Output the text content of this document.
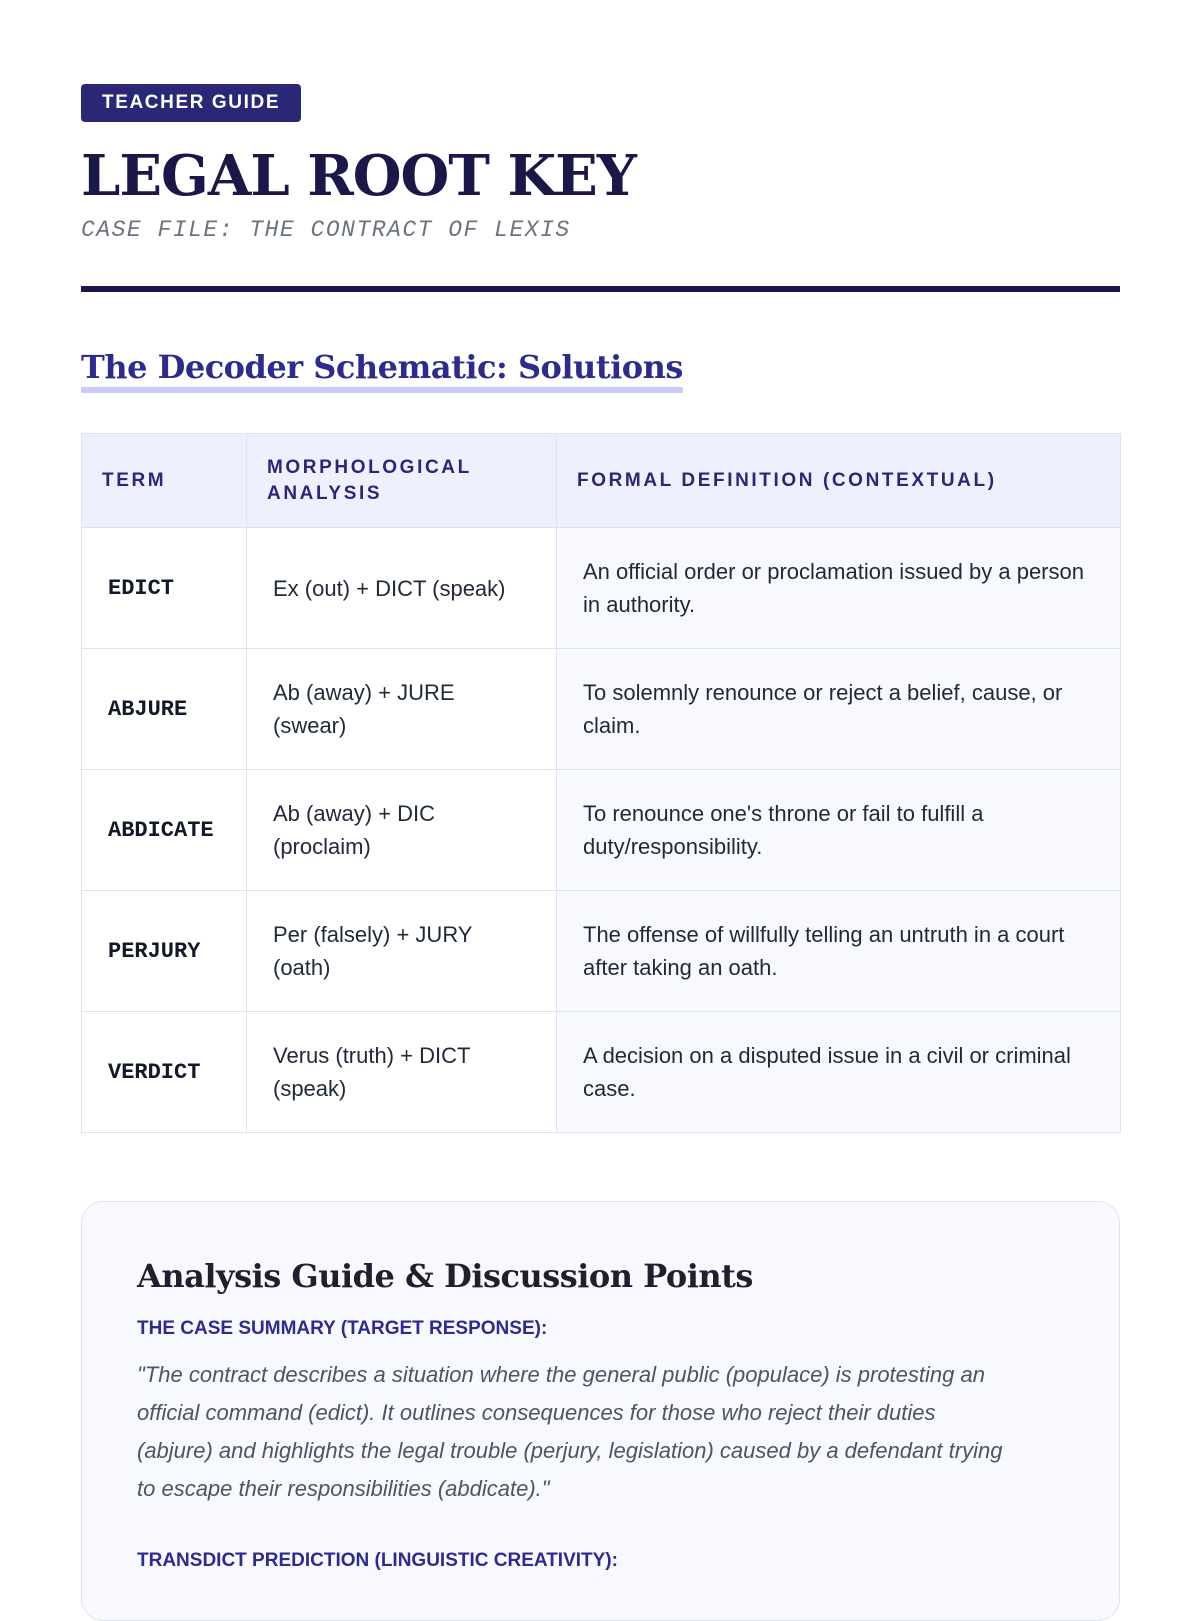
TEACHER GUIDE
LEGAL ROOT KEY
CASE FILE: THE CONTRACT OF LEXIS
The Decoder Schematic: Solutions
TERM	MORPHOLOGICAL ANALYSIS	FORMAL DEFINITION (CONTEXTUAL)
EDICT	Ex (out) + DICT (speak)	An official order or proclamation issued by a person in authority.
ABJURE	Ab (away) + JURE (swear)	To solemnly renounce or reject a belief, cause, or claim.
ABDICATE	Ab (away) + DIC (proclaim)	To renounce one's throne or fail to fulfill a duty/responsibility.
PERJURY	Per (falsely) + JURY (oath)	The offense of willfully telling an untruth in a court after taking an oath.
VERDICT	Verus (truth) + DICT (speak)	A decision on a disputed issue in a civil or criminal case.
Analysis Guide & Discussion Points
THE CASE SUMMARY (TARGET RESPONSE):
"The contract describes a situation where the general public (populace) is protesting an official command (edict). It outlines consequences for those who reject their duties (abjure) and highlights the legal trouble (perjury, legislation) caused by a defendant trying to escape their responsibilities (abdicate)."
TRANSDICT PREDICTION (LINGUISTIC CREATIVITY):
